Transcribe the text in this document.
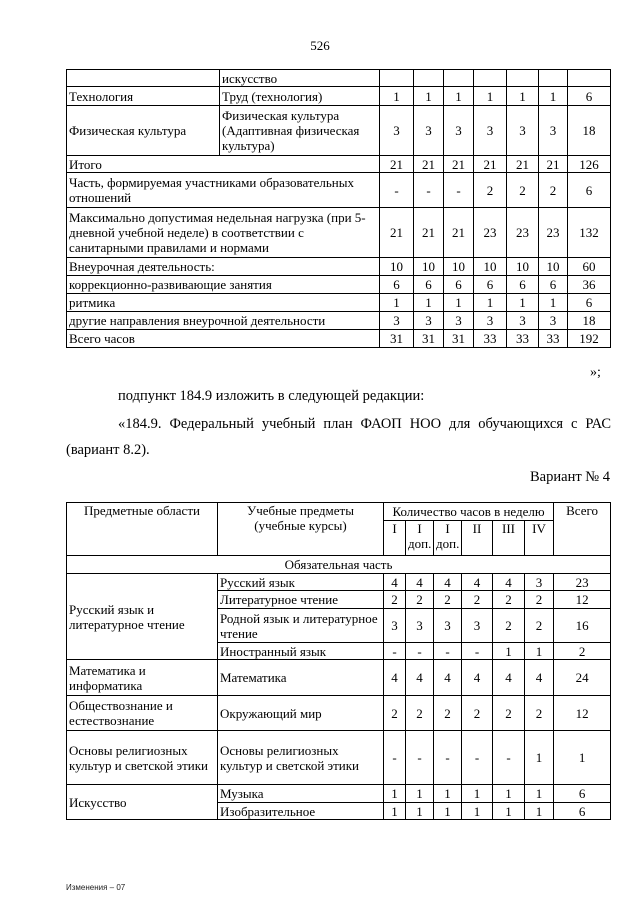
526
	искусство							
Технология	Труд (технология)	1	1	1	1	1	1	6
Физическая культура	Физическая культура (Адаптивная физическая культура)	3	3	3	3	3	3	18
Итого		21	21	21	21	21	21	126
Часть, формируемая участниками образовательных отношений		-	-	-	2	2	2	6
Максимально допустимая недельная нагрузка (при 5-дневной учебной неделе) в соответствии с санитарными правилами и нормами		21	21	21	23	23	23	132
Внеурочная деятельность:		10	10	10	10	10	10	60
коррекционно-развивающие занятия		6	6	6	6	6	6	36
ритмика		1	1	1	1	1	1	6
другие направления внеурочной деятельности		3	3	3	3	3	3	18
Всего часов		31	31	31	33	33	33	192
»;
подпункт 184.9 изложить в следующей редакции:
«184.9. Федеральный учебный план ФАОП НОО для обучающихся с РАС
(вариант 8.2).
Вариант № 4
Предметные области	Учебные предметы (учебные курсы)	Количество часов в неделю						Всего
		I	I доп.	I доп.	II	III	IV	
Обязательная часть								
Русский язык и литературное чтение	Русский язык	4	4	4	4	4	3	23
	Литературное чтение	2	2	2	2	2	2	12
	Родной язык и литературное чтение	3	3	3	3	2	2	16
	Иностранный язык	-	-	-	-	1	1	2
Математика и информатика	Математика	4	4	4	4	4	4	24
Обществознание и естествознание	Окружающий мир	2	2	2	2	2	2	12
Основы религиозных культур и светской этики	Основы религиозных культур и светской этики	-	-	-	-	-	1	1
Искусство	Музыка	1	1	1	1	1	1	6
	Изобразительное	1	1	1	1	1	1	6
Изменения – 07
